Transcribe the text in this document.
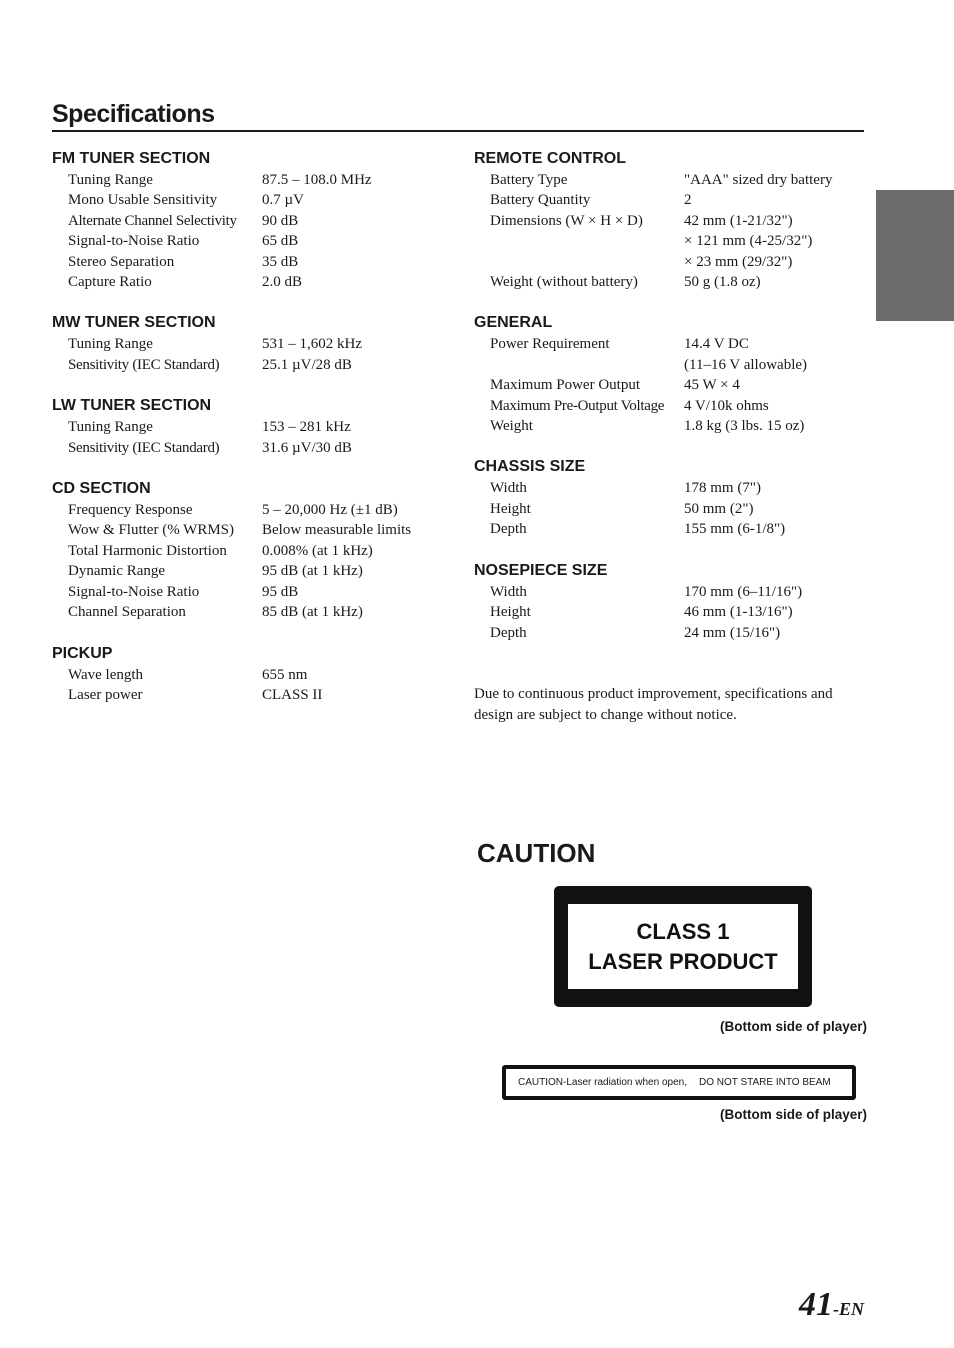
Specifications
FM TUNER SECTION
Tuning Range	87.5 – 108.0 MHz
Mono Usable Sensitivity	0.7 µV
Alternate Channel Selectivity	90 dB
Signal-to-Noise Ratio	65 dB
Stereo Separation	35 dB
Capture Ratio	2.0 dB
MW TUNER SECTION
Tuning Range	531 – 1,602 kHz
Sensitivity (IEC Standard)	25.1 µV/28 dB
LW TUNER SECTION
Tuning Range	153 – 281 kHz
Sensitivity (IEC Standard)	31.6 µV/30 dB
CD SECTION
Frequency Response	5 – 20,000 Hz (±1 dB)
Wow & Flutter (% WRMS)	Below measurable limits
Total Harmonic Distortion	0.008% (at 1 kHz)
Dynamic Range	95 dB (at 1 kHz)
Signal-to-Noise Ratio	95 dB
Channel Separation	85 dB (at 1 kHz)
PICKUP
Wave length	655 nm
Laser power	CLASS II
REMOTE CONTROL
Battery Type	"AAA" sized dry battery
Battery Quantity	2
Dimensions (W × H × D)	42 mm (1-21/32")
× 121 mm (4-25/32")
× 23 mm (29/32")
Weight (without battery)	50 g (1.8 oz)
GENERAL
Power Requirement	14.4 V DC
(11–16 V allowable)
Maximum Power Output	45 W × 4
Maximum Pre-Output Voltage	4 V/10k ohms
Weight	1.8 kg (3 lbs. 15 oz)
CHASSIS SIZE
Width	178 mm (7")
Height	50 mm (2")
Depth	155 mm (6-1/8")
NOSEPIECE SIZE
Width	170 mm (6–11/16")
Height	46 mm (1-13/16")
Depth	24 mm (15/16")
Due to continuous product improvement, specifications and design are subject to change without notice.
CAUTION
CLASS 1
LASER PRODUCT
(Bottom side of player)
CAUTION-Laser radiation when open, DO NOT STARE INTO BEAM
(Bottom side of player)
41-EN
